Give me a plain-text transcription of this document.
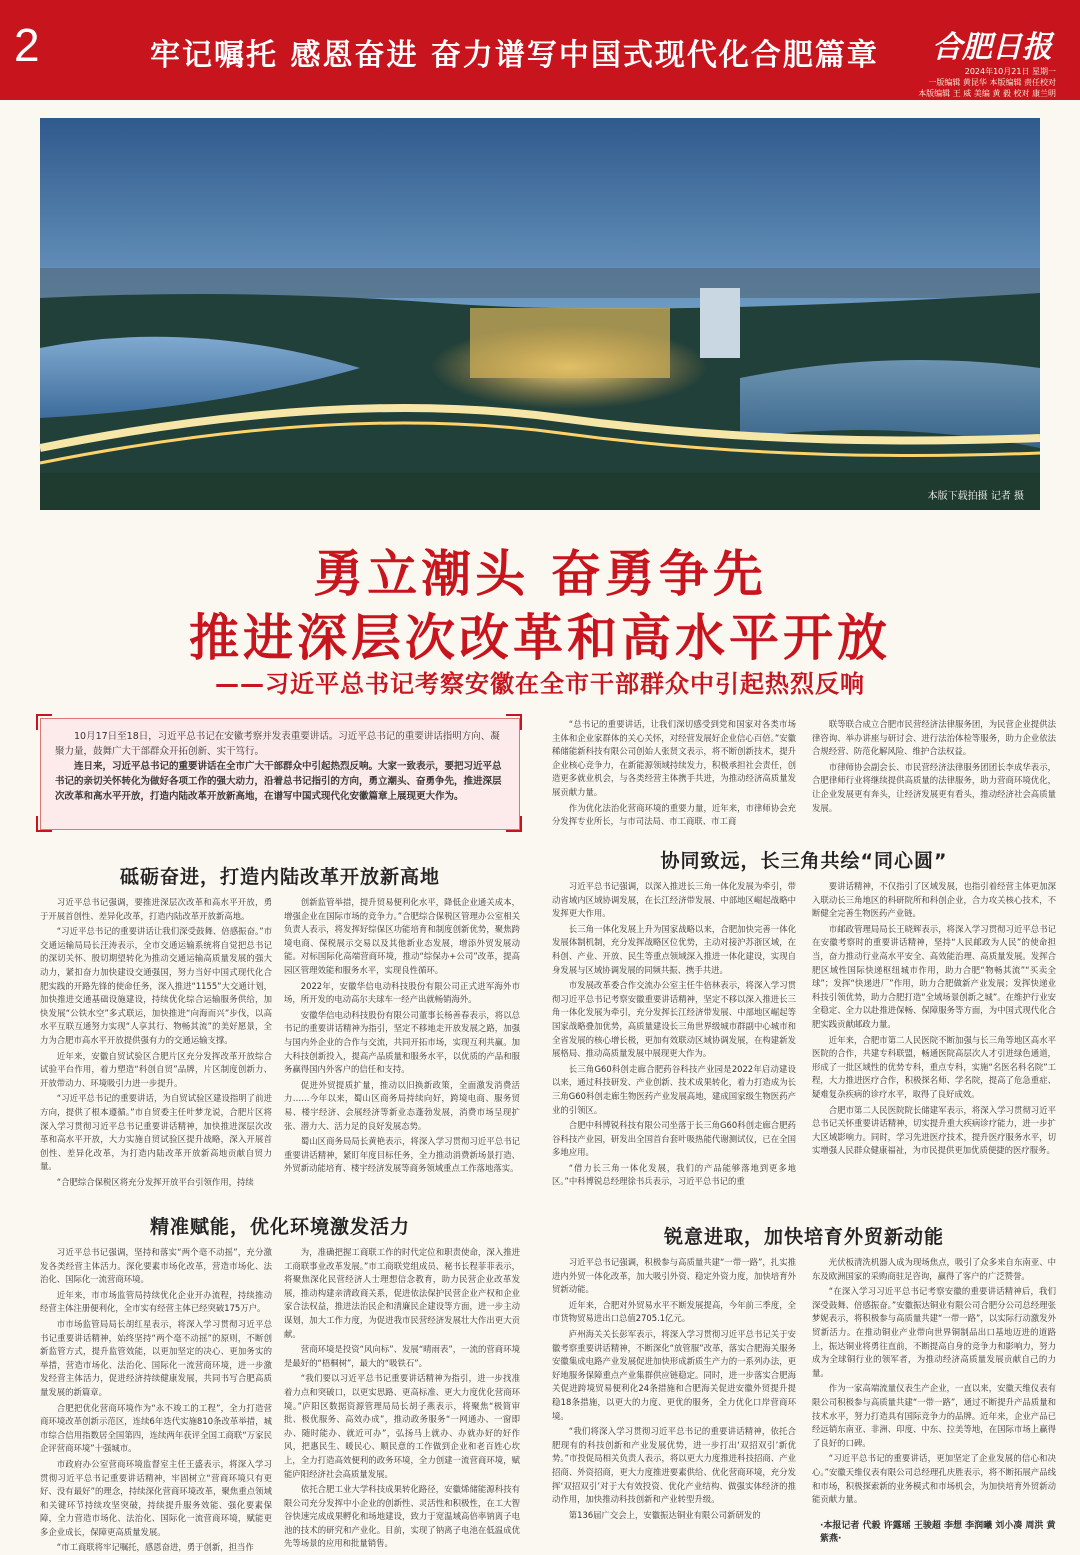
2	牢记嘱托 感恩奋进 奋力谱写中国式现代化合肥篇章 合肥日报
2024年10月21日 星期一
一版编辑 黄昆华 本版编辑 责任校对
本版编辑 王 威 美编 黄 毅 校对 康兰明
本版下载拍摄 记者 摄
勇立潮头 奋勇争先
推进深层次改革和高水平开放
——习近平总书记考察安徽在全市干部群众中引起热烈反响
10月17日至18日，习近平总书记在安徽考察并发表重要讲话。习近平总书记的重要讲话指明方向、凝聚力量，鼓舞广大干部群众开拓创新、实干笃行。
连日来，习近平总书记的重要讲话在全市广大干部群众中引起热烈反响。大家一致表示，要把习近平总书记的亲切关怀转化为做好各项工作的强大动力，沿着总书记指引的方向，勇立潮头、奋勇争先，推进深层次改革和高水平开放，打造内陆改革开放新高地，在谱写中国式现代化安徽篇章上展现更大作为。

“总书记的重要讲话，让我们深切感受到党和国家对各类市场主体和企业家群体的关心关怀，对经营发展好企业信心百倍。”安徽稀储能新科技有限公司创始人张贤文表示，将不断创新技术，提升企业核心竞争力，在新能源领域持续发力，积极承担社会责任，创造更多就业机会，与各类经营主体携手共进，为推动经济高质量发展贡献力量。

作为优化法治化营商环境的重要力量，近年来，市律师协会充分发挥专业所长，与市司法局、市工商联、市工商

联等联合成立合肥市民营经济法律服务团，为民营企业提供法律咨询、举办讲座与研讨会、进行法治体检等服务，助力企业依法合规经营、防范化解风险、维护合法权益。

市律师协会副会长、市民营经济法律服务团团长李成华表示，合肥律师行业将继续提供高质量的法律服务，助力营商环境优化，让企业发展更有奔头，让经济发展更有看头，推动经济社会高质量发展。

砥砺奋进，打造内陆改革开放新高地
协同致远，长三角共绘“同心圆”
精准赋能，优化环境激发活力	锐意进取，加快培育外贸新动能

习近平总书记强调，要推进深层次改革和高水平开放，勇于开展首创性、差异化改革，打造内陆改革开放新高地。

“习近平总书记的重要讲话让我们深受鼓舞、倍感振奋。”市交通运输局局长汪涛表示，全市交通运输系统将自觉把总书记的深切关怀、殷切期望转化为推动交通运输高质量发展的强大动力，紧扣奋力加快建设交通强国，努力当好中国式现代化合肥实践的开路先锋的使命任务，深入推进“1155”大交通计划，加快推进交通基础设施建设，持续优化综合运输服务供给，加快发展“公铁水空”多式联运，加快推进“向海而兴”步伐，以高水平互联互通努力实现“人享其行、物畅其流”的美好愿景，全力为合肥市高水平开放提供强有力的交通运输支撑。

近年来，安徽自贸试验区合肥片区充分发挥改革开放综合试验平台作用，着力塑造“科创自贸”品牌，片区制度创新力、开放带动力、环境吸引力进一步提升。

“习近平总书记的重要讲话，为自贸试验区建设指明了前进方向，提供了根本遵循。”市自贸委主任叶梦龙说，合肥片区将深入学习贯彻习近平总书记重要讲话精神，加快推进深层次改革和高水平开放，大力实施自贸试验区提升战略，深入开展首创性、差异化改革，为打造内陆改革开放新高地贡献自贸力量。

“合肥综合保税区将充分发挥开放平台引领作用，持续

创新监管举措，提升贸易便利化水平，降低企业通关成本，增强企业在国际市场的竞争力。”合肥综合保税区管理办公室相关负责人表示，将发挥好综保区功能培育和制度创新优势，聚焦跨境电商、保税展示交易以及其他新业态发展，增添外贸发展动能。对标国际化高端营商环境，推动“综保办+公司”改革，提高园区管理效能和服务水平，实现良性循环。

2022年，安徽华信电动科技股份有限公司正式进军海外市场，所开发的电动高尔夫球车一经产出就畅销海外。

安徽华信电动科技股份有限公司董事长杨善春表示，将以总书记的重要讲话精神为指引，坚定不移地走开放发展之路，加强与国内外企业的合作与交流，共同开拓市场，实现互利共赢。加大科技创新投入，提高产品质量和服务水平，以优质的产品和服务赢得国内外客户的信任和支持。

促进外贸提质扩量，推动以旧换新政策，全面激发消费活力……今年以来，蜀山区商务局持续向好，跨境电商、服务贸易、楼宇经济、会展经济等新业态蓬勃发展，消费市场呈现扩张、潜力大、活力足的良好发展态势。

蜀山区商务局局长黄艳表示，将深入学习贯彻习近平总书记重要讲话精神，紧盯年度目标任务，全力推动消费新场景打造、外贸新动能培育、楼宇经济发展等商务领域重点工作落地落实。

习近平总书记强调，以深入推进长三角一体化发展为牵引，带动省域内区域协调发展，在长江经济带发展、中部地区崛起战略中发挥更大作用。

长三角一体化发展上升为国家战略以来，合肥加快完善一体化发展体制机制，充分发挥战略区位优势，主动对接沪苏浙区域，在科创、产业、开放、民生等重点领域深入推进一体化建设，实现自身发展与区域协调发展的同频共振、携手共进。

市发展改革委合作交流办公室主任牛倍林表示，将深入学习贯彻习近平总书记考察安徽重要讲话精神，坚定不移以深入推进长三角一体化发展为牵引，充分发挥长江经济带发展、中部地区崛起等国家战略叠加优势，高质量建设长三角世界级城市群副中心城市和全省发展的核心增长极，更加有效联动区域协调发展，在构建新发展格局、推动高质量发展中展现更大作为。

长三角G60科创走廊合肥药谷科技产业园是2022年启动建设以来，通过科技研发、产业创新、技术成果转化，着力打造成为长三角G60科创走廊生物医药产业发展高地，建成国家级生物医药产业的引领区。

合肥中科博锐科技有限公司坐落于长三角G60科创走廊合肥药谷科技产业园，研发出全国首台套叶吸热能代谢测试仪，已在全国多地应用。

“借力长三角一体化发展，我们的产品能够落地到更多地区。”中科博锐总经理徐书兵表示，习近平总书记的重

要讲话精神，不仅指引了区域发展，也指引着经营主体更加深入联动长三角地区的科研院所和科创企业，合力攻关核心技术，不断健全完善生物医药产业链。

市邮政管理局局长王晓辉表示，将深入学习贯彻习近平总书记在安徽考察时的重要讲话精神，坚持“人民邮政为人民”的使命担当，奋力推动行业高水平安全、高效能治理、高质量发展。发挥合肥区域性国际快递枢纽城市作用，助力合肥“物畅其流”“买卖全球”；发挥“快递进厂”作用，助力合肥做新产业发展；发挥快递业科技引领优势，助力合肥打造“全域场景创新之城”。在维护行业安全稳定、全力以赴推进保畅、保障服务等方面，为中国式现代化合肥实践贡献邮政力量。

近年来，合肥市第二人民医院不断加强与长三角等地区高水平医院的合作，共建专科联盟，畅通医院高层次人才引进绿色通道，形成了一批区域性的优势专科，重点专科，实施“名医名科名院”工程，大力推进医疗合作，积极探名师、学名院，提高了危急重症、疑难复杂疾病的诊疗水平，取得了良好成效。

合肥市第二人民医院院长储建军表示，将深入学习贯彻习近平总书记关怀重要讲话精神，切实提升重大疾病诊疗能力，进一步扩大区域影响力。同时，学习先进医疗技术，提升医疗服务水平，切实增强人民群众健康福祉，为市民提供更加优质便捷的医疗服务。

习近平总书记强调，坚持和落实“两个毫不动摇”，充分激发各类经营主体活力。深化要素市场化改革，营造市场化、法治化、国际化一流营商环境。

近年来，市市场监管局持续优化企业开办流程，持续推动经营主体注册便利化，全市实有经营主体已经突破175万户。

市市场监管局局长胡红星表示，将深入学习贯彻习近平总书记重要讲话精神，始终坚持“两个毫不动摇”的原则，不断创新监管方式，提升监管效能，以更加坚定的决心、更加务实的举措，营造市场化、法治化、国际化一流营商环境，进一步激发经营主体活力，促进经济持续健康发展，共同书写合肥高质量发展的新篇章。

合肥把优化营商环境作为“永不竣工的工程”，全力打造营商环境改革创新示范区，连续6年迭代实施810条改革举措，城市综合信用指数居全国第四，连续两年获评全国工商联“万家民企评营商环境”十强城市。

市政府办公室营商环境监督室主任王盛表示，将深入学习贯彻习近平总书记重要讲话精神，牢固树立“营商环境只有更好、没有最好”的理念，持续深化营商环境改革，聚焦重点领域和关键环节持续攻坚突破，持续提升服务效能、强化要素保障，全力营造市场化、法治化、国际化一流营商环境，赋能更多企业成长，保障更高质量发展。

“市工商联将牢记嘱托，感恩奋进，勇于创新，担当作

为，准确把握工商联工作的时代定位和职责使命，深入推进工商联事业改革发展。”市工商联党组成员、秘书长程菲菲表示，将聚焦深化民营经济人士理想信念教育，助力民营企业改革发展，推动构建亲清政商关系，促进依法保护民营企业产权和企业家合法权益，推进法治民企和清廉民企建设等方面，进一步主动谋划，加大工作力度，为促进我市民营经济发展壮大作出更大贡献。

营商环境是投资“风向标”、发展“晴雨表”，一流的营商环境是最好的“梧桐树”，最大的“吸铁石”。

“我们要以习近平总书记重要讲话精神为指引，进一步找准着力点和突破口，以更实思路、更高标准、更大力度优化营商环境。”庐阳区数据资源管理局局长胡子燕表示，将聚焦“极简审批、极优服务、高效办成”，推动政务服务“一网通办、一窗即办、随时能办、就近可办”，弘扬马上就办、办就办好的好作风，把惠民生、暖民心、顺民意的工作做到企业和老百姓心坎上，全力打造高效便利的政务环境，全力创建一流营商环境，赋能庐阳经济社会高质量发展。

依托合肥工业大学科技成果转化路径，安徽烯储能源科技有限公司充分发挥中小企业的创新性、灵活性和积极性，在工大智谷快速完成成果孵化和场地建设，致力于宽温域高倍率钠离子电池的技术的研究和产业化。目前，实现了钠离子电池在低温成优先等场景的应用和批量销售。

习近平总书记强调，积极参与高质量共建“一带一路”，扎实推进内外贸一体化改革，加大吸引外资、稳定外资力度，加快培育外贸新动能。

近年来，合肥对外贸易水平不断发展提高，今年前三季度，全市货物贸易进出口总值2705.1亿元。

庐州海关关长彭军表示，将深入学习贯彻习近平总书记关于安徽考察重要讲话精神，不断深化“放管服”改革，落实合肥海关服务安徽集成电路产业发展促进加快形成新质生产力的一系列办法，更好地服务保障重点产业集群供应链稳定。同时，进一步落实合肥海关促进跨境贸易便利化24条措施和合肥海关促进安徽外贸提升提稳18条措施，以更大的力度、更优的服务，全力优化口岸营商环境。

“我们将深入学习贯彻习近平总书记的重要讲话精神，依托合肥现有的科技创新和产业发展优势，进一步打出‘双招双引’新优势。”市投促局相关负责人表示，将以更大力度推进科技招商、产业招商、外资招商，更大力度推进要素供给、优化营商环境，充分发挥‘双招双引’对于大有效投资、优化产业结构、做强实体经济的推动作用，加快推动科技创新和产业转型升级。

第136届广交会上，安徽振达铜业有限公司新研发的

光伏板清洗机器人成为现场焦点，吸引了众多来自东南亚、中东及欧洲国家的采购商驻足咨询，赢得了客户的广泛赞誉。

“在深入学习习近平总书记考察安徽的重要讲话精神后，我们深受鼓舞、倍感振奋。”安徽振达铜业有限公司合肥分公司总经理张梦妮表示，将积极参与高质量共建“一带一路”，以实际行动激发外贸新活力。在推动铜业产业带向世界铜制品出口基地迈进的道路上，振达铜业将勇往直前，不断提高自身的竞争力和影响力，努力成为全球铜行业的领军者，为推动经济高质量发展贡献自己的力量。

作为一家高端流量仪表生产企业，一直以来，安徽天维仪表有限公司积极参与高质量共建“一带一路”，通过不断提升产品质量和技术水平，努力打造具有国际竞争力的品牌。近年来，企业产品已经远销东南亚、非洲、印度、中东、拉美等地，在国际市场上赢得了良好的口碑。

“习近平总书记的重要讲话，更加坚定了企业发展的信心和决心。”安徽天维仪表有限公司总经理孔庆胜表示，将不断拓展产品线和市场，积极探索新的业务模式和市场机会，为加快培育外贸新动能贡献力量。

·本报记者 代毅 许露瑶 王骏超 李想 李润曦 刘小凑 周洪 黄紫燕·
